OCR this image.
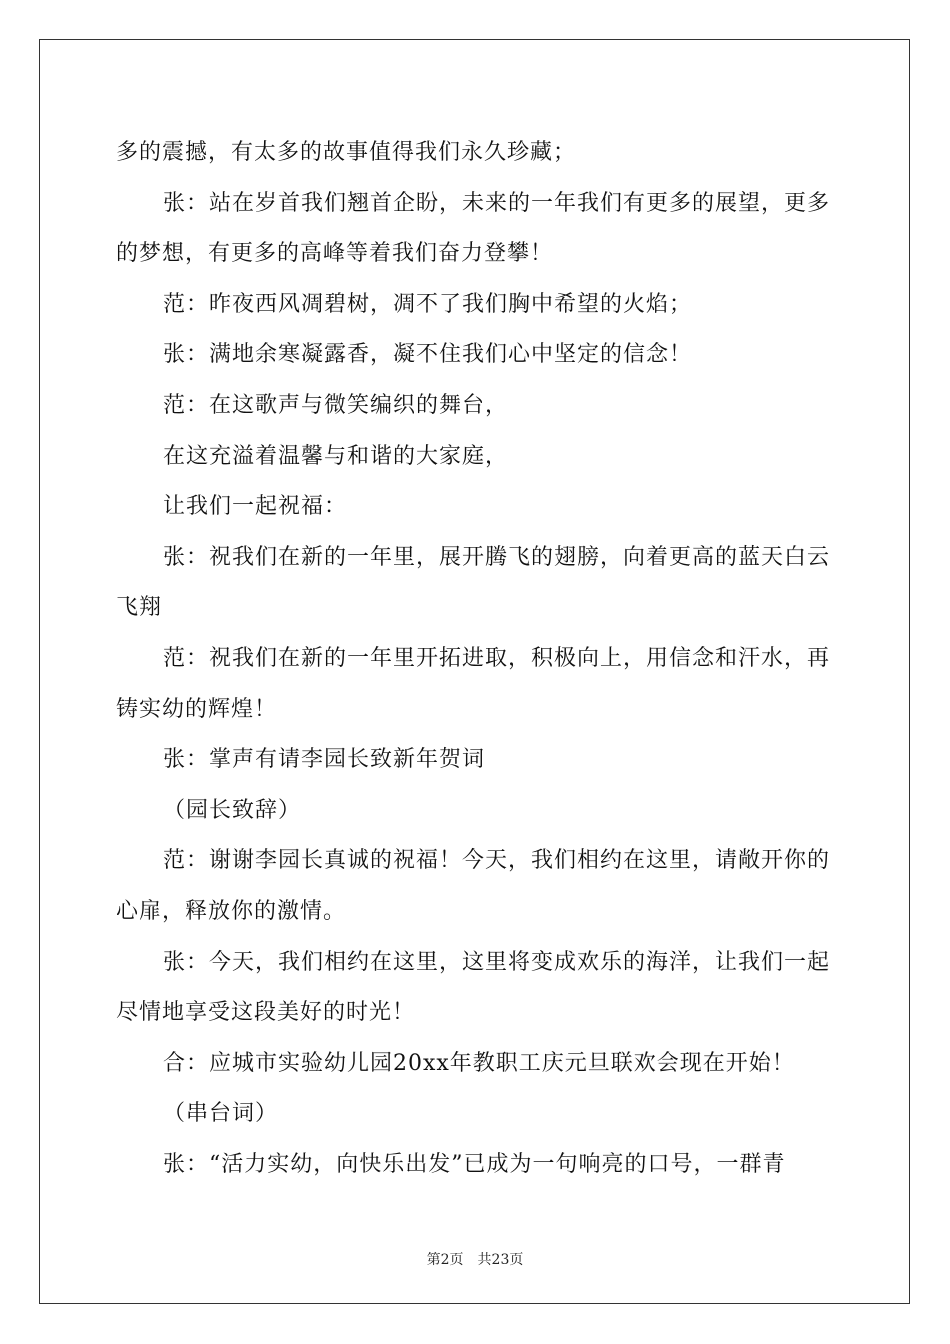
多的震撼，有太多的故事值得我们永久珍藏；

张：站在岁首我们翘首企盼，未来的一年我们有更多的展望，更多的梦想，有更多的高峰等着我们奋力登攀！

范：昨夜西风凋碧树，凋不了我们胸中希望的火焰；

张：满地余寒凝露香，凝不住我们心中坚定的信念！

范：在这歌声与微笑编织的舞台，

在这充溢着温馨与和谐的大家庭，

让我们一起祝福：

张：祝我们在新的一年里，展开腾飞的翅膀，向着更高的蓝天白云飞翔

范：祝我们在新的一年里开拓进取，积极向上，用信念和汗水，再铸实幼的辉煌！

张：掌声有请李园长致新年贺词

（园长致辞）

范：谢谢李园长真诚的祝福！今天，我们相约在这里，请敞开你的心扉，释放你的激情。

张：今天，我们相约在这里，这里将变成欢乐的海洋，让我们一起尽情地享受这段美好的时光！

合：应城市实验幼儿园20xx年教职工庆元旦联欢会现在开始！

（串台词）

张：“活力实幼，向快乐出发”已成为一句响亮的口号，一群青

第2页　共23页
